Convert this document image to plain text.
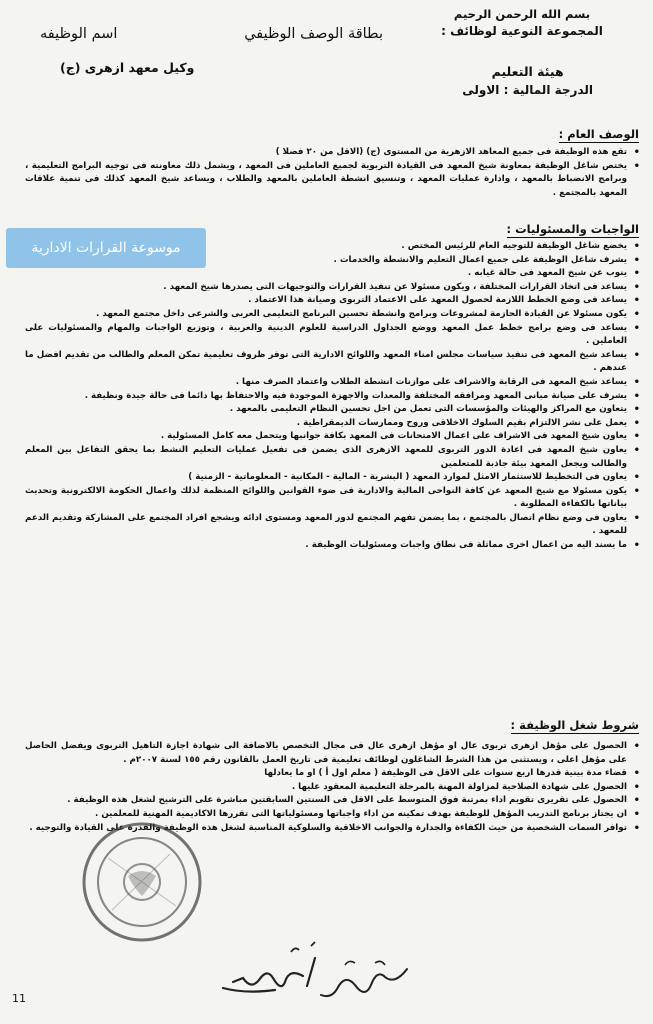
بسم الله الرحمن الرحيم
المجموعة النوعية لوظائف :
بطاقة الوصف الوظيفي
اسم الوظيفه
وكيل معهد ازهرى (ج)	هيئة التعليم
الدرجة المالية : الاولى
الوصف العام :
• تقع هذه الوظيفة فى جميع المعاهد الازهرية من المستوى (ج) (الاقل من ٢٠ فصلا )
• يختص شاغل الوظيفة بمعاونة شيخ المعهد فى القيادة التربوية لجميع العاملين فى المعهد ، ويشمل ذلك معاونته فى توجيه البرامج التعليمية ، وبرامج الانضباط بالمعهد ، وادارة عمليات المعهد ، وتنسيق انشطة العاملين بالمعهد والطلاب ، ويساعد شيخ المعهد كذلك فى تنمية علاقات المعهد بالمجتمع .
الواجبات والمسئوليات :
• يخضع شاغل الوظيفة للتوجيه العام للرئيس المختص .
• يشرف شاغل الوظيفة على جميع اعمال التعليم والانشطة والخدمات .
• ينوب عن شيخ المعهد فى حالة غيابه .
• يساعد فى اتخاذ القرارات المختلفة ، ويكون مسئولا عن تنفيذ القرارات والتوجيهات التى يصدرها شيخ المعهد .
• يساعد فى وضع الخطط اللازمة لحصول المعهد على الاعتماد التربوى وصيانة هذا الاعتماد .
• يكون مسئولا عن القيادة الحازمة لمشروعات وبرامج وانشطة تحسين البرنامج التعليمى العربى والشرعى داخل مجتمع المعهد .
• يساعد فى وضع برامج خطط عمل المعهد ووضع الجداول الدراسية للعلوم الدينية والعربية ، وتوزيع الواجبات والمهام والمسئوليات على العاملين .
• يساعد شيخ المعهد فى تنفيذ سياسات مجلس امناء المعهد واللوائح الادارية التى توفر ظروف تعليمية تمكن المعلم والطالب من تقديم افضل ما عندهم .
• يساعد شيخ المعهد فى الرقابة والاشراف على موازنات انشطة الطلاب واعتماد الصرف منها .
• يشرف على صيانة مبانى المعهد ومرافقه المختلفة والمعدات والاجهزة الموجودة فيه والاحتفاظ بها دائما فى حالة جيدة ونظيفة .
• يتعاون مع المراكز والهيئات والمؤسسات التى تعمل من اجل تحسين النظام التعليمى بالمعهد .
• يعمل على نشر الالتزام بقيم السلوك الاخلاقى وروح وممارسات الديمقراطية .
• يعاون شيخ المعهد فى الاشراف على اعمال الامتحانات فى المعهد بكافة جوانبها ويتحمل معه كامل المسئولية .
• يعاون شيخ المعهد فى اعادة الدور التربوى للمعهد الازهرى الذى يضمن فى تفعيل عمليات التعليم النشط بما يحقق التفاعل بين المعلم والطالب ويجعل المعهد بيئة جاذبة للمتعلمين
• يعاون فى التخطيط للاستثمار الامثل لموارد المعهد ( البشرية - المالية - المكانية - المعلوماتية - الزمنية )
• يكون مسئولا مع شيخ المعهد عن كافة النواحى المالية والادارية فى ضوء القوانين واللوائح المنظمة لذلك واعمال الحكومة الالكترونية وتحديث بياناتها بالكفاءة المطلوبة .
• يعاون فى وضع نظام اتصال بالمجتمع ، بما يضمن تفهم المجتمع لدور المعهد ومستوى ادائه ويشجع افراد المجتمع على المشاركة وتقديم الدعم للمعهد .
• ما يسند اليه من اعمال اخرى مماثلة فى نطاق واجبات ومسئوليات الوظيفة .
شروط شغل الوظيفة :
• الحصول على مؤهل ازهرى تربوى عال او مؤهل ازهرى عال فى مجال التخصص بالاضافة الى شهادة اجازة التاهيل التربوى ويفضل الحاصل على مؤهل اعلى ، ويستثنى من هذا الشرط الشاغلون لوظائف تعليمية فى تاريخ العمل بالقانون رقم ١٥٥ لسنة ٢٠٠٧م .
• قضاء مدة بينية قدرها اربع سنوات على الاقل فى الوظيفة ( معلم اول أ ) او ما يعادلها
• الحصول على شهادة الصلاحية لمزاولة المهنة بالمرحلة التعليمية المعقود عليها .
• الحصول على تقريرى تقويم اداء بمرتبة فوق المتوسط على الاقل فى السنتين السابقتين مباشرة على الترشيح لشغل هذه الوظيفة .
• ان يجتاز برنامج التدريب المؤهل للوظيفة بهدف تمكينه من اداء واجباتها ومسئولياتها التى تقررها الاكاديمية المهنية للمعلمين .
• توافر السمات الشخصية من حيث الكفاءة والجدارة والجوانب الاخلاقية والسلوكية المناسبة لشغل هذه الوظيفة والقدرة على القيادة والتوجيه .
موسوعة القرارات الادارية
11
